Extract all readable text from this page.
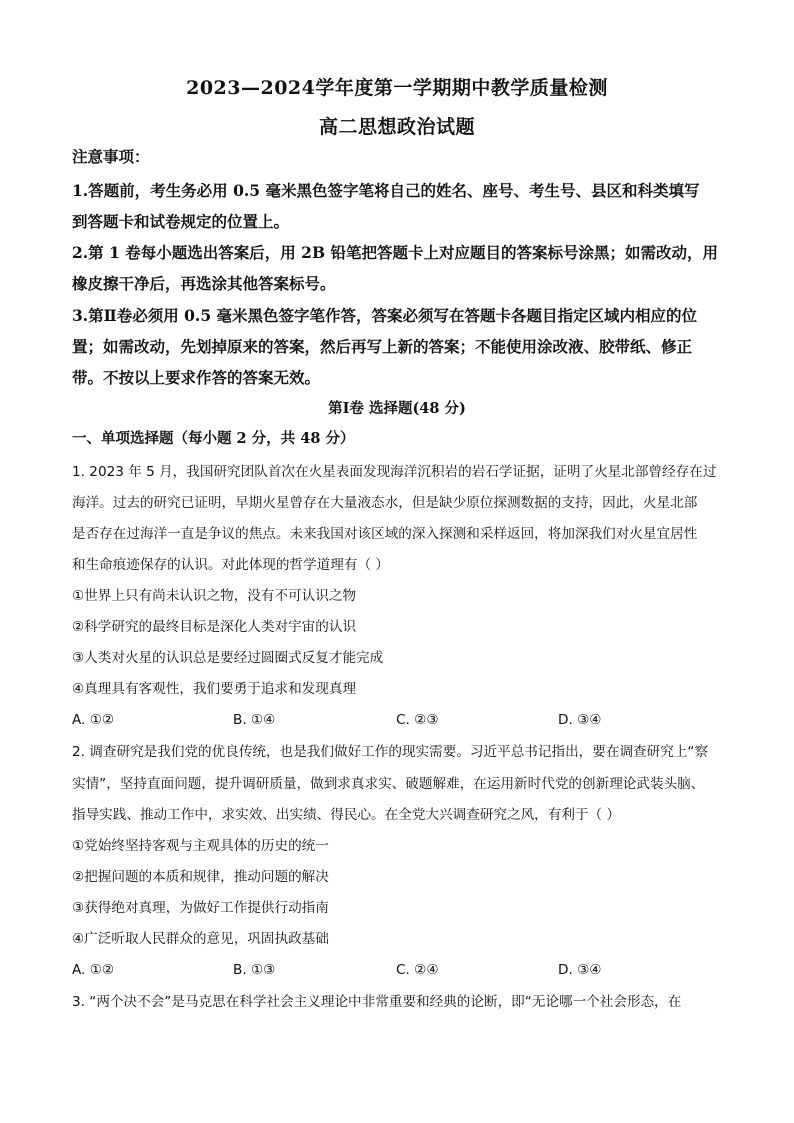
2023—2024学年度第一学期期中教学质量检测
高二思想政治试题
注意事项：
1.答题前，考生务必用 0.5 毫米黑色签字笔将自己的姓名、座号、考生号、县区和科类填写
到答题卡和试卷规定的位置上。
2.第 1 卷每小题选出答案后，用 2B 铅笔把答题卡上对应题目的答案标号涂黑；如需改动，用
橡皮擦干净后，再选涂其他答案标号。
3.第Ⅱ卷必须用 0.5 毫米黑色签字笔作答，答案必须写在答题卡各题目指定区域内相应的位
置；如需改动，先划掉原来的答案，然后再写上新的答案；不能使用涂改液、胶带纸、修正
带。不按以上要求作答的答案无效。
第Ⅰ卷 选择题(48 分)
一、单项选择题（每小题 2 分，共 48 分）
1. 2023 年 5 月，我国研究团队首次在火星表面发现海洋沉积岩的岩石学证据，证明了火星北部曾经存在过
海洋。过去的研究已证明，早期火星曾存在大量液态水，但是缺少原位探测数据的支持，因此，火星北部
是否存在过海洋一直是争议的焦点。未来我国对该区域的深入探测和采样返回，将加深我们对火星宜居性
和生命痕迹保存的认识。对此体现的哲学道理有（ ）
①世界上只有尚未认识之物，没有不可认识之物
②科学研究的最终目标是深化人类对宇宙的认识
③人类对火星的认识总是要经过圆圈式反复才能完成
④真理具有客观性，我们要勇于追求和发现真理
A. ①②	B. ①④	C. ②③	D. ③④
2. 调查研究是我们党的优良传统，也是我们做好工作的现实需要。习近平总书记指出，要在调查研究上“察
实情”，坚持直面问题，提升调研质量，做到求真求实、破题解难，在运用新时代党的创新理论武装头脑、
指导实践、推动工作中，求实效、出实绩、得民心。在全党大兴调查研究之风，有利于（ ）
①党始终坚持客观与主观具体的历史的统一
②把握问题的本质和规律，推动问题的解决
③获得绝对真理，为做好工作提供行动指南
④广泛听取人民群众的意见，巩固执政基础
A. ①②	B. ①③	C. ②④	D. ③④
3. “两个决不会”是马克思在科学社会主义理论中非常重要和经典的论断，即“无论哪一个社会形态，在
